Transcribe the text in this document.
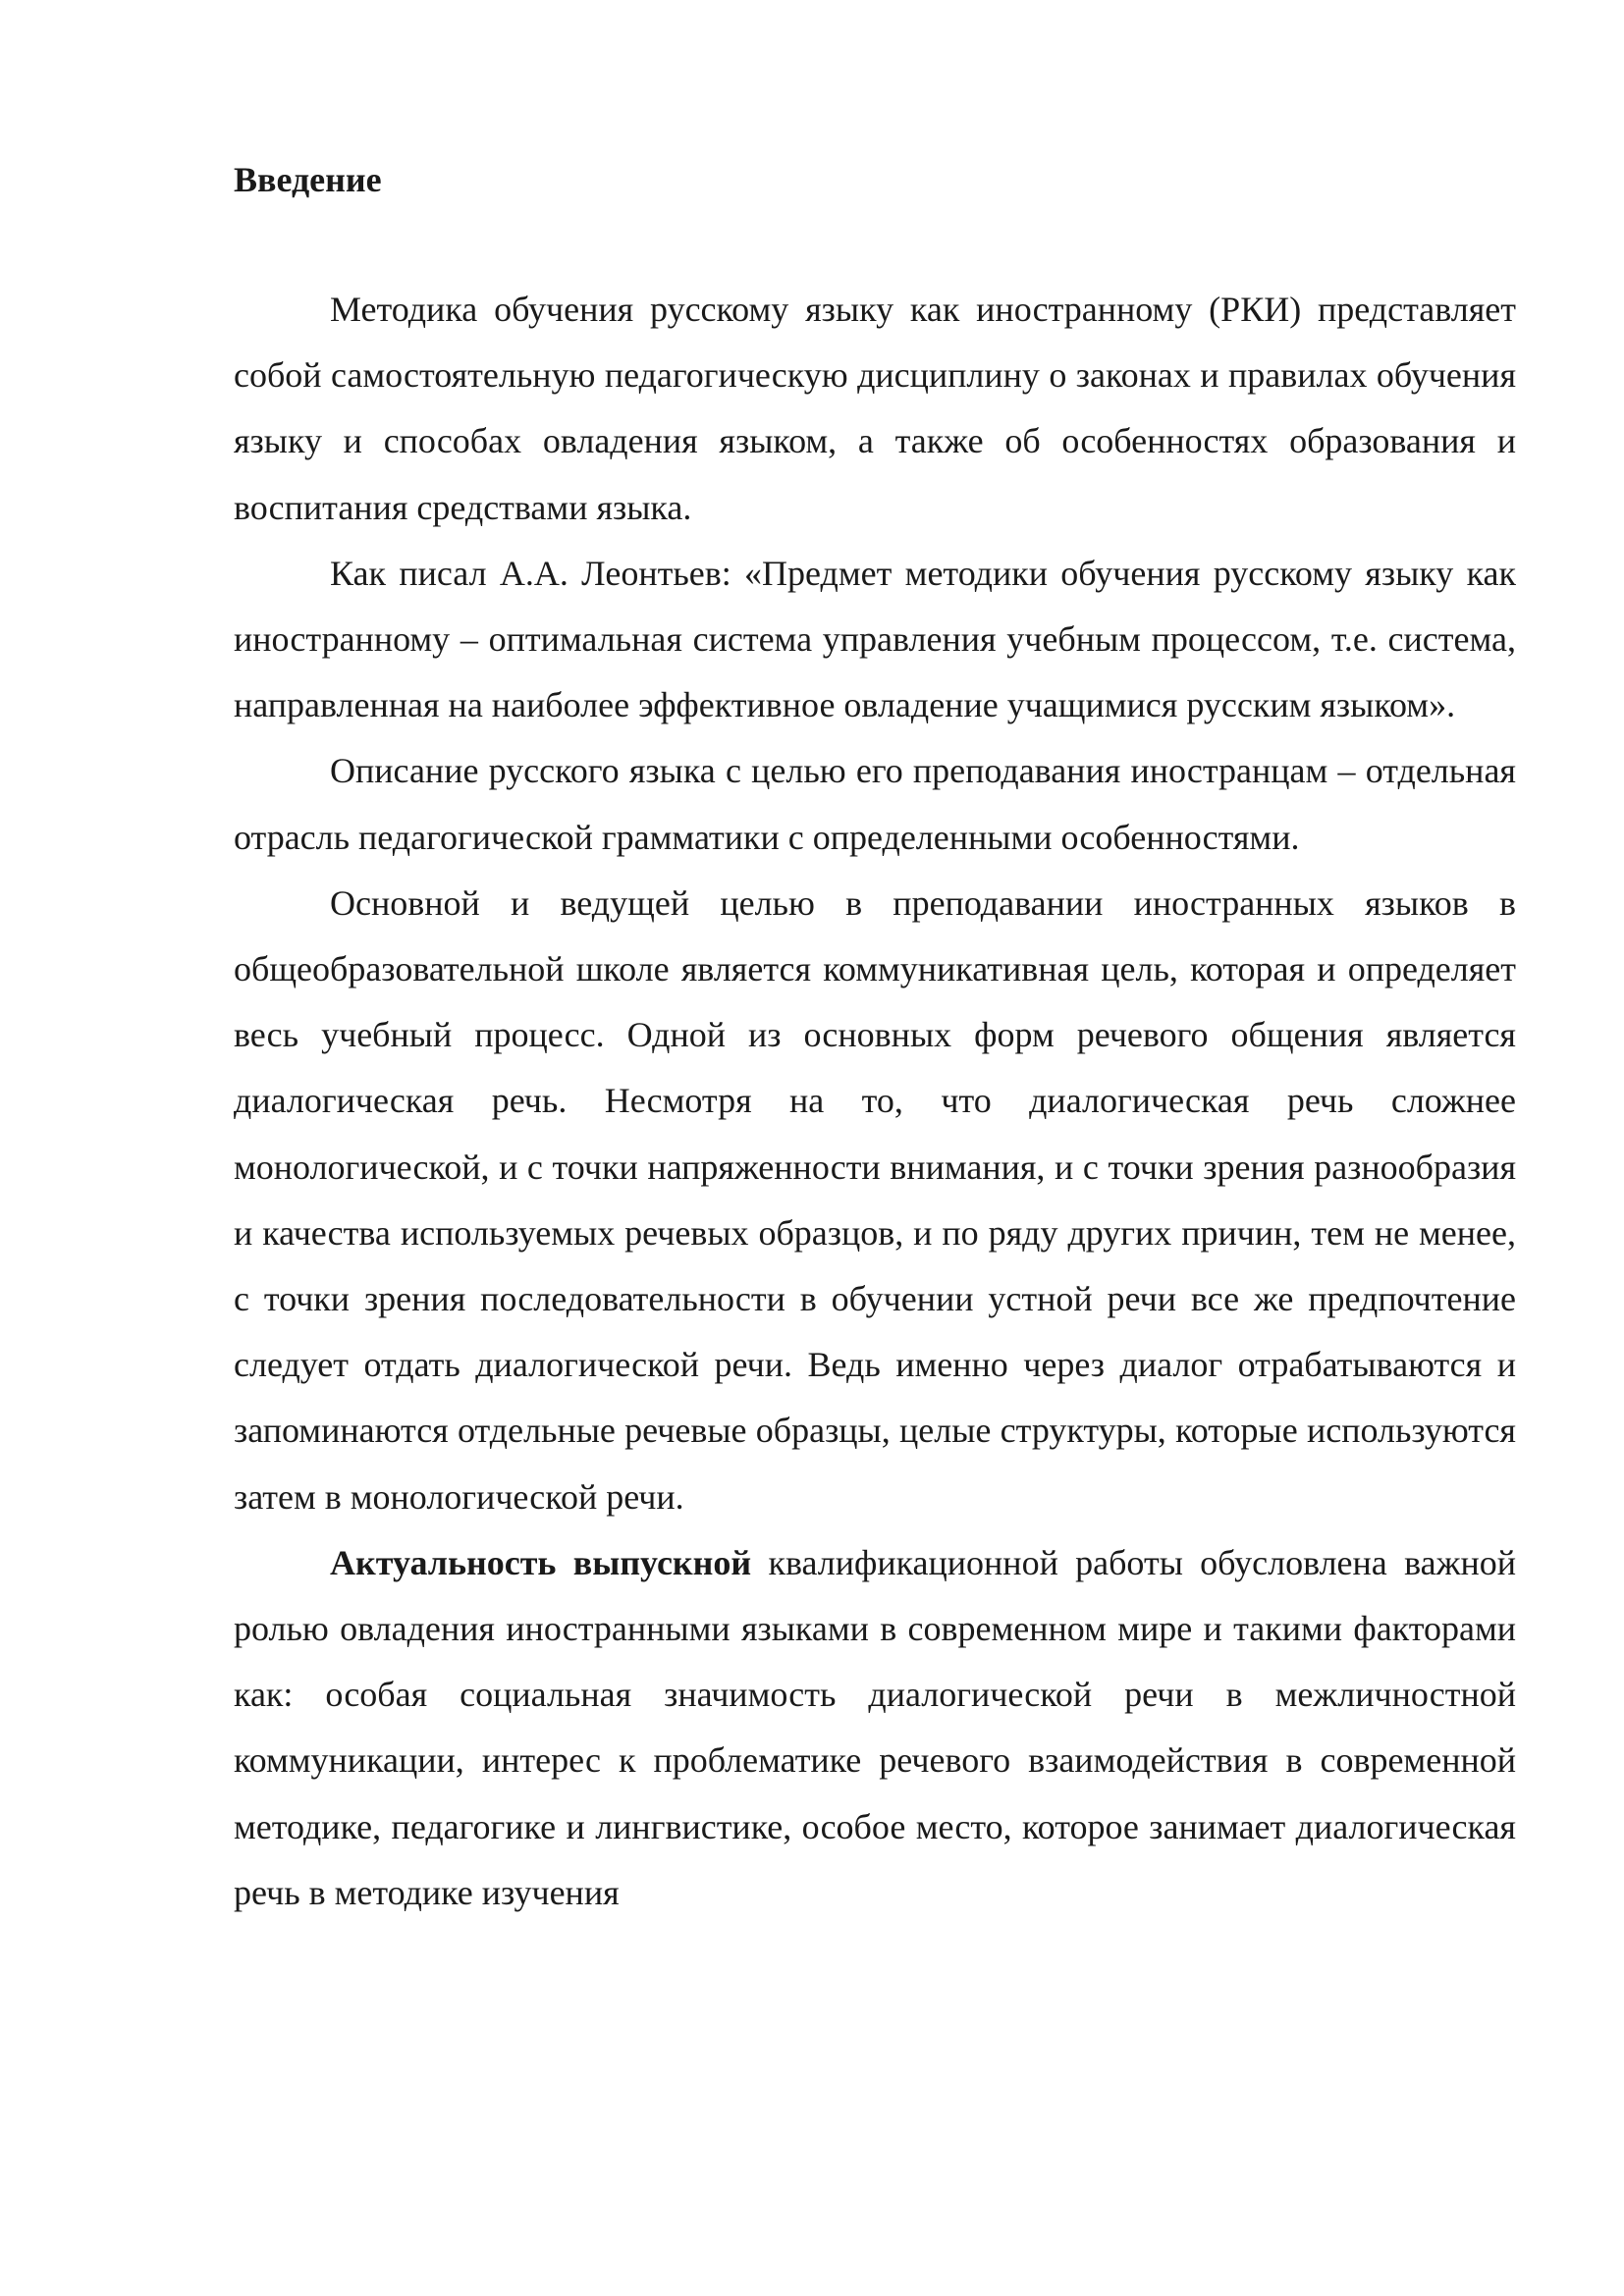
Введение

Методика обучения русскому языку как иностранному (РКИ) представляет собой самостоятельную педагогическую дисциплину о законах и правилах обучения языку и способах овладения языком, а также об особенностях образования и воспитания средствами языка.

Как писал А.А. Леонтьев: «Предмет методики обучения русскому языку как иностранному – оптимальная система управления учебным процессом, т.е. система, направленная на наиболее эффективное овладение учащимися русским языком».

Описание русского языка с целью его преподавания иностранцам – отдельная отрасль педагогической грамматики с определенными особенностями.

Основной и ведущей целью в преподавании иностранных языков в общеобразовательной школе является коммуникативная цель, которая и определяет весь учебный процесс. Одной из основных форм речевого общения является диалогическая речь. Несмотря на то, что диалогическая речь сложнее монологической, и с точки напряженности внимания, и с точки зрения разнообразия и качества используемых речевых образцов, и по ряду других причин, тем не менее, с точки зрения последовательности в обучении устной речи все же предпочтение следует отдать диалогической речи. Ведь именно через диалог отрабатываются и запоминаются отдельные речевые образцы, целые структуры, которые используются затем в монологической речи.

Актуальность выпускной квалификационной работы обусловлена важной ролью овладения иностранными языками в современном мире и такими факторами как: особая социальная значимость диалогической речи в межличностной коммуникации, интерес к проблематике речевого взаимодействия в современной методике, педагогике и лингвистике, особое место, которое занимает диалогическая речь в методике изучения
